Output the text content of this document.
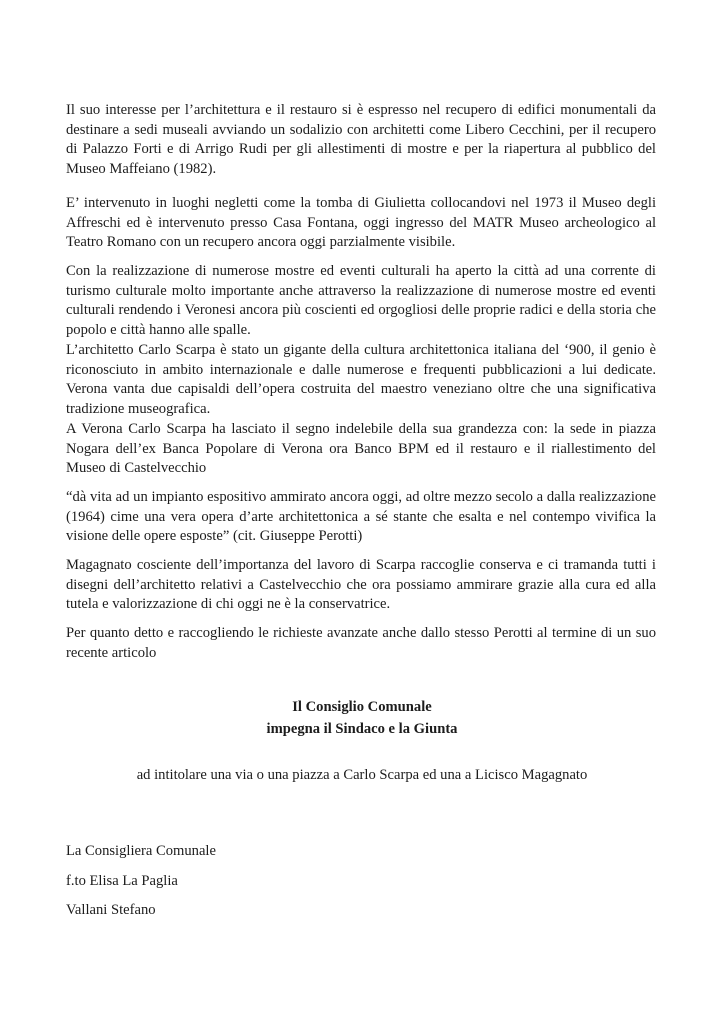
Il suo interesse per l’architettura e il restauro si è espresso nel recupero di edifici monumentali da destinare a sedi museali avviando un sodalizio con architetti come Libero Cecchini, per il recupero di Palazzo Forti e di Arrigo Rudi per gli allestimenti di mostre e per la riapertura al pubblico del Museo Maffeiano (1982).

E’ intervenuto in luoghi negletti come la tomba di Giulietta collocandovi nel 1973 il Museo degli Affreschi ed è intervenuto presso Casa Fontana, oggi ingresso del MATR Museo archeologico al Teatro Romano con un recupero ancora oggi parzialmente visibile.

Con la realizzazione di numerose mostre ed eventi culturali ha aperto la città ad una corrente di turismo culturale molto importante anche attraverso la realizzazione di numerose mostre ed eventi culturali rendendo i Veronesi ancora più coscienti ed orgogliosi delle proprie radici e della storia che popolo e città hanno alle spalle.

L’architetto Carlo Scarpa è stato un gigante della cultura architettonica italiana del ‘900, il genio è riconosciuto in ambito internazionale e dalle numerose e frequenti pubblicazioni a lui dedicate. Verona vanta due capisaldi dell’opera costruita del maestro veneziano oltre che una significativa tradizione museografica.

A Verona Carlo Scarpa ha lasciato il segno indelebile della sua grandezza con: la sede in piazza Nogara dell’ex Banca Popolare di Verona ora Banco BPM ed il restauro e il riallestimento del Museo di Castelvecchio

“dà vita ad un impianto espositivo ammirato ancora oggi, ad oltre mezzo secolo a dalla realizzazione (1964) cime una vera opera d’arte architettonica a sé stante che esalta e nel contempo vivifica la visione delle opere esposte” (cit. Giuseppe Perotti)

Magagnato cosciente dell’importanza del lavoro di Scarpa raccoglie conserva e ci tramanda tutti i disegni dell’architetto relativi a Castelvecchio che ora possiamo ammirare grazie alla cura ed alla tutela e valorizzazione di chi oggi ne è la conservatrice.

Per quanto detto e raccogliendo le richieste avanzate anche dallo stesso Perotti al termine di un suo recente articolo

Il Consiglio Comunale

impegna il Sindaco e la Giunta

ad intitolare una via o una piazza a Carlo Scarpa ed una a Licisco Magagnato

La Consigliera Comunale

f.to Elisa La Paglia

Vallani Stefano
